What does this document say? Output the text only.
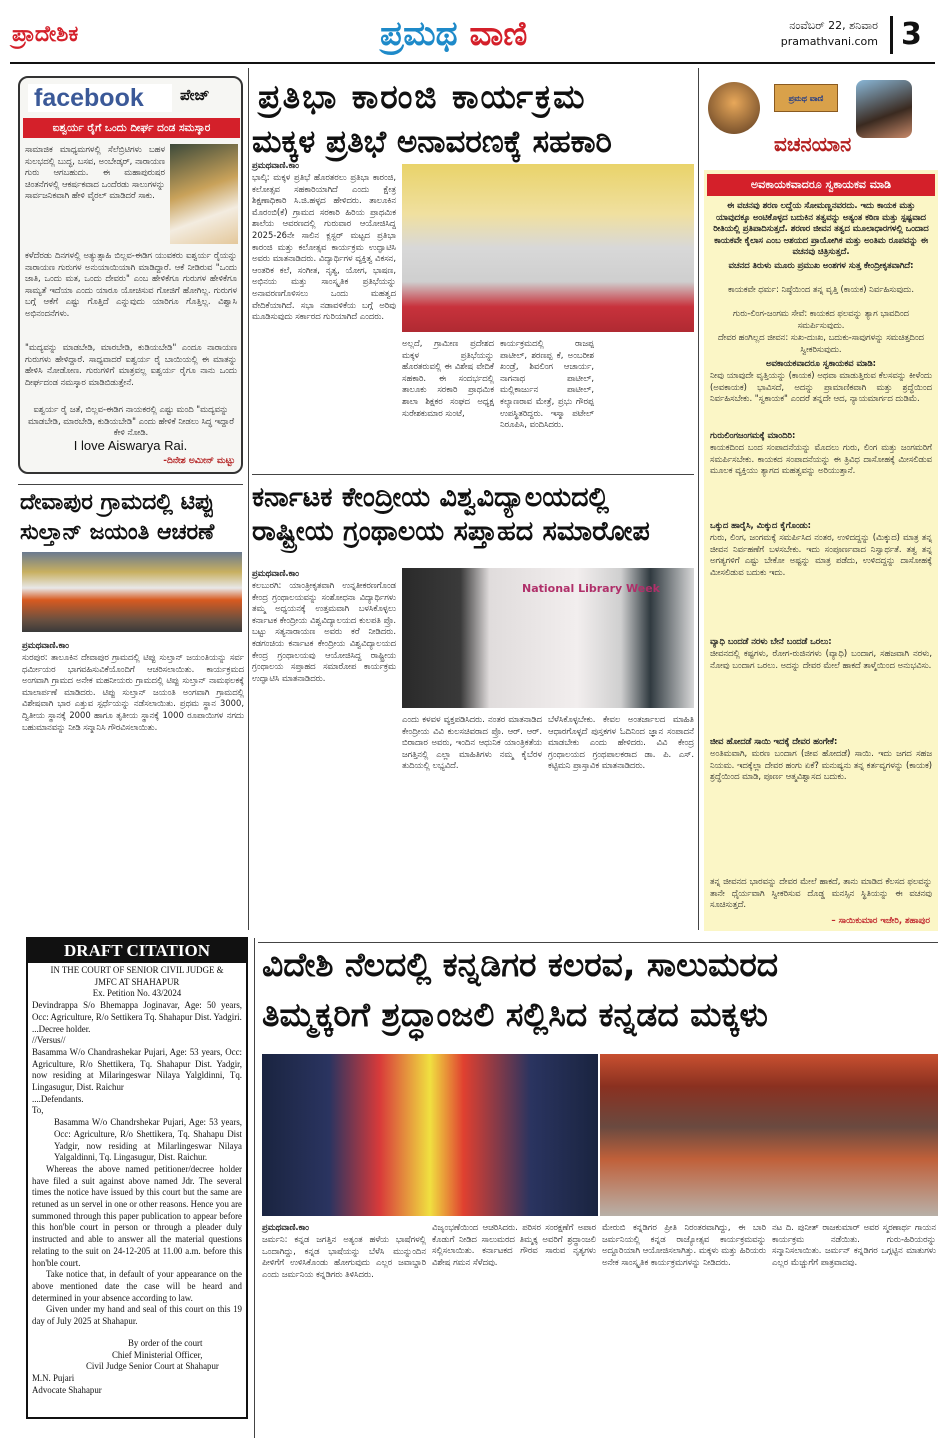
ಪ್ರಾದೇಶಿಕ	ಪ್ರಮಥ ವಾಣಿ	ನಂವೆಬರ್ 22, ಶನಿವಾರ
pramathvani.com 3
facebook	ಪೇಜ್
ಐಶ್ವರ್ಯ ರೈಗೆ ಒಂದು ದೀರ್ಘ ದಂಡ ಸಮಸ್ಕಾರ
ಸಾಮಾಜಿಕ ಮಾಧ್ಯಮಗಳಲ್ಲಿ ಸೆಲೆಬ್ರಿಟಿಗಳು ಬಹಳ ಸುಲಭದಲ್ಲಿ ಬುದ್ಧ, ಬಸವ, ಅಂಬೇಡ್ಕರ್, ನಾರಾಯಣ ಗುರು ಆಗಬಹುದು. ಈ ಮಹಾಪುರುಷರ ಚಿಂತನೆಗಳಲ್ಲಿ ಆಕರ್ಷಕವಾದ ಒಂದೆರಡು ಸಾಲುಗಳನ್ನು ಸಾರ್ವಜನಿಕವಾಗಿ ಹೇಳಿ ವೈರಲ್ ಮಾಡಿದರೆ ಸಾಕು.
ಕಳೆದೆರಡು ದಿನಗಳಲ್ಲಿ ಅತ್ಯುತ್ಸಾಹಿ ಬಿಲ್ಲವ-ಈಡಿಗ ಯುವಕರು ಐಶ್ವರ್ಯ ರೈಯನ್ನು ನಾರಾಯಣ ಗುರುಗಳ ಅನುಯಾಯಿಯಾಗಿ ಮಾಡಿದ್ದಾರೆ. ಆಕೆ ನೀಡಿರುವ "ಒಂದು ಜಾತಿ, ಒಂದು ಮತ, ಒಂದು ದೇವರು" ಎಂಬ ಹೇಳಿಕೆಗೂ ಗುರುಗಳ ಹೇಳಿಕೆಗೂ ಸಾಮ್ಯತೆ ಇದೆಯಾ ಎಂದು ಯಾರೂ ಯೋಚಿಸುವ ಗೋಜಿಗೆ ಹೋಗಿಲ್ಲ. ಗುರುಗಳ ಬಗ್ಗೆ ಆಕೆಗೆ ಎಷ್ಟು ಗೊತ್ತಿದೆ ಎನ್ನುವುದು ಯಾರಿಗೂ ಗೊತ್ತಿಲ್ಲ. ವಿಶ್ವಾಸಿ ಅಭಿನಂದನೆಗಳು.
"ಮದ್ಯವನ್ನು ಮಾಡಬೇಡಿ, ಮಾರಬೇಡಿ, ಕುಡಿಯಬೇಡಿ" ಎಂದೂ ನಾರಾಯಣ ಗುರುಗಳು ಹೇಳಿದ್ದಾರೆ. ಸಾಧ್ಯವಾದರೆ ಐಶ್ವರ್ಯ ರೈ ಬಾಯಿಯಲ್ಲಿ ಈ ಮಾತನ್ನು ಹೇಳಿಸಿ ನೋಡೋಣ. ಗುರುಗಳಿಗೆ ಮಾತ್ರವಲ್ಲ ಐಶ್ವರ್ಯ ರೈಗೂ ನಾನು ಒಂದು ದೀರ್ಘದಂಡ ನಮಸ್ಕಾರ ಮಾಡಿಬಿಡುತ್ತೇನೆ.
ಐಶ್ವರ್ಯ ರೈ ಜತೆ, ಬಿಲ್ಲವ-ಈಡಿಗ ನಾಯಕರಲ್ಲಿ ಎಷ್ಟು ಮಂದಿ "ಮದ್ಯವನ್ನು ಮಾಡಬೇಡಿ, ಮಾರಬೇಡಿ, ಕುಡಿಯಬೇಡಿ" ಎಂದು ಹೇಳಿಕೆ ನೀಡಲು ಸಿದ್ಧ ಇದ್ದಾರೆ ಕೇಳಿ ನೋಡಿ.
I love Aiswarya Rai.
-ದಿನೇಶ ಅಮೀನ್ ಮಟ್ಟು
ಪ್ರತಿಭಾ ಕಾರಂಜಿ ಕಾರ್ಯಕ್ರಮ
ಮಕ್ಕಳ ಪ್ರತಿಭೆ ಅನಾವರಣಕ್ಕೆ ಸಹಕಾರಿ
ಪ್ರಮಥವಾಣಿ.ಕಾಂ
ಭಾಲ್ಕಿ: ಮಕ್ಕಳ ಪ್ರತಿಭೆ ಹೊರತರಲು ಪ್ರತಿಭಾ ಕಾರಂಜಿ, ಕಲೋತ್ಸವ ಸಹಕಾರಿಯಾಗಿದೆ ಎಂದು ಕ್ಷೇತ್ರ ಶಿಕ್ಷಣಾಧಿಕಾರಿ ಸಿ.ಜಿ.ಹಳ್ಳದ ಹೇಳಿದರು. ತಾಲೂಕಿನ ಮೊರಂಬಿ(ಕೆ) ಗ್ರಾಮದ ಸರಕಾರಿ ಹಿರಿಯ ಪ್ರಾಥಮಿಕ ಶಾಲೆಯ ಆವರಣದಲ್ಲಿ ಗುರುವಾರ ಆಯೋಜಿಸಿದ್ದ 2025-26ನೇ ಸಾಲಿನ ಕ್ಲಸ್ಟರ್ ಮಟ್ಟದ ಪ್ರತಿಭಾ ಕಾರಂಜಿ ಮತ್ತು ಕಲೋತ್ಸವ ಕಾರ್ಯಕ್ರಮ ಉದ್ಘಾಟಿಸಿ ಅವರು ಮಾತನಾಡಿದರು. ವಿದ್ಯಾರ್ಥಿಗಳ ವ್ಯಕ್ತಿತ್ವ ವಿಕಸನ, ಆಂತರಿಕ ಕಲೆ, ಸಂಗೀತ, ನೃತ್ಯ, ಯೋಗ, ಭಾಷಣ, ಅಭಿನಯ ಮತ್ತು ಸಾಂಸ್ಕೃತಿಕ ಪ್ರತಿಭೆಯನ್ನು ಅನಾವರಣಗೊಳಿಸಲು ಒಂದು ಮಹತ್ವದ ವೇದಿಕೆಯಾಗಿದೆ. ಸಭಾ ನಡಾವಳಿಕೆಯ ಬಗ್ಗೆ ಅರಿವು ಮೂಡಿಸುವುದು ಸರ್ಕಾರದ ಗುರಿಯಾಗಿದೆ ಎಂದರು.
ಅಲ್ಲದೆ, ಗ್ರಾಮೀಣ ಪ್ರದೇಶದ ಮಕ್ಕಳ ಪ್ರತಿಭೆಯನ್ನು ಹೊರತರುವಲ್ಲಿ ಈ ವಿಶೇಷ ವೇದಿಕೆ ಸಹಕಾರಿ. ಈ ಸಂದರ್ಭದಲ್ಲಿ ತಾಲೂಕು ಸರಕಾರಿ ಪ್ರಾಥಮಿಕ ಶಾಲಾ ಶಿಕ್ಷಕರ ಸಂಘದ ಅಧ್ಯಕ್ಷ ಸುರೇಶಕುಮಾರ ಸುಂಟೆ,
ಕಾರ್ಯಕ್ರಮದಲ್ಲಿ ರಾಜಪ್ಪ ಪಾಟೀಲ್, ಶರಣಪ್ಪ ಕೆ, ಅಂಬರೀಶ ಖಂಡ್ರೆ, ಶಿವಲಿಂಗ ಆಚಾರ್ಯ, ನಾಗನಾಥ ಪಾಟೀಲ್, ಮಲ್ಲಿಕಾರ್ಜುನ ಪಾಟೀಲ್, ಕಲ್ಯಾಣರಾವ ಮೇತ್ರೆ, ಪ್ರಭು ಗೌರಪ್ಪ ಉಪಸ್ಥಿತರಿದ್ದರು. ಇಸ್ಮಾ ಪಟೇಲ್ ನಿರೂಪಿಸಿ, ವಂದಿಸಿದರು.
ಪ್ರಮಥ ವಾಣಿ
ವಚನಯಾನ
ಅವಕಾಯಕವಾದರೂ ಸ್ವಕಾಯಕವ ಮಾಡಿ
ಈ ವಚನವು ಶರಣ ಲದ್ದೆಯ ಸೋಮಣ್ಣನವರದು. ಇದು ಕಾಯಕ ಮತ್ತು ಯಾವುದಕ್ಕೂ ಅಂಟಿಕೊಳ್ಳದ ಬದುಕಿನ ತತ್ವವನ್ನು ಅತ್ಯಂತ ಕಠಿಣ ಮತ್ತು ಸ್ಪಷ್ಟವಾದ ರೀತಿಯಲ್ಲಿ ಪ್ರತಿಪಾದಿಸುತ್ತದೆ. ಶರಣರ ಜೀವನ ತತ್ವದ ಮೂಲಾಧಾರಗಳಲ್ಲಿ ಒಂದಾದ ಕಾಯಕವೇ ಕೈಲಾಸ ಎಂಬ ಆಶಯದ ಪ್ರಾಯೋಗಿಕ ಮತ್ತು ಅಂತಿಮ ರೂಪವನ್ನು ಈ ವಚನವು ಚಿತ್ರಿಸುತ್ತದೆ.
ವಚನದ ತಿರುಳು ಮೂರು ಪ್ರಮುಖ ಅಂಶಗಳ ಸುತ್ತ ಕೇಂದ್ರೀಕೃತವಾಗಿದೆ:
ಕಾಯಕವೇ ಧರ್ಮ: ನಿಷ್ಠೆಯಿಂದ ತನ್ನ ವೃತ್ತಿ (ಕಾಯಕ) ನಿರ್ವಹಿಸುವುದು.
ಗುರು-ಲಿಂಗ-ಜಂಗಮ ಸೇವೆ: ಕಾಯಕದ ಫಲವನ್ನು ತ್ಯಾಗ ಭಾವದಿಂದ ಸಮರ್ಪಿಸುವುದು.
ದೇವರ ಹಂಗಿಲ್ಲದ ಜೀವನ: ಸುಖ-ದುಃಖ, ಬದುಕು-ಸಾವುಗಳನ್ನು ಸಮಚಿತ್ತದಿಂದ ಸ್ವೀಕರಿಸುವುದು.
ಅವಕಾಯಕವಾದರೂ ಸ್ವಕಾಯಕವ ಮಾಡಿ:
ನೀವು ಯಾವುದೇ ವೃತ್ತಿಯನ್ನು (ಕಾಯಕ) ಅಥವಾ ಮಾಡುತ್ತಿರುವ ಕೆಲಸವನ್ನು ಕೀಳೆಂದು (ಅವಕಾಯಕ) ಭಾವಿಸದೆ, ಅದನ್ನು ಪ್ರಾಮಾಣಿಕವಾಗಿ ಮತ್ತು ಶ್ರದ್ಧೆಯಿಂದ ನಿರ್ವಹಿಸಬೇಕು. "ಸ್ವಕಾಯಕ" ಎಂದರೆ ತನ್ನದೇ ಆದ, ನ್ಯಾಯಮಾರ್ಗದ ದುಡಿಮೆ.
ಗುರುಲಿಂಗಜಂಗಮಕ್ಕೆ ಮಾಂದಿರಿ:
ಕಾಯಕದಿಂದ ಬಂದ ಸಂಪಾದನೆಯನ್ನು ಮೊದಲು ಗುರು, ಲಿಂಗ ಮತ್ತು ಜಂಗಮರಿಗೆ ಸಮರ್ಪಿಸಬೇಕು. ಕಾಯಕದ ಸಂಪಾದನೆಯನ್ನು ಈ ತ್ರಿವಿಧ ದಾಸೋಹಕ್ಕೆ ಮೀಸಲಿಡುವ ಮೂಲಕ ವ್ಯಕ್ತಿಯು ತ್ಯಾಗದ ಮಹತ್ವವನ್ನು ಅರಿಯುತ್ತಾನೆ.
ಒಕ್ಕುದ ಹಾರೈಸಿ, ಮಿಕ್ಕುದ ಕೈಗೊಂಡು:
ಗುರು, ಲಿಂಗ, ಜಂಗಮಕ್ಕೆ ಸಮರ್ಪಿಸಿದ ನಂತರ, ಉಳಿದದ್ದನ್ನು (ಮಿಕ್ಕುದ) ಮಾತ್ರ ತನ್ನ ಜೀವನ ನಿರ್ವಹಣೆಗೆ ಬಳಸಬೇಕು. ಇದು ಸಂಪೂರ್ಣವಾದ ನಿಸ್ವಾರ್ಥತೆ. ತತ್ವ ತನ್ನ ಅಗತ್ಯಗಳಿಗೆ ಎಷ್ಟು ಬೇಕೋ ಅಷ್ಟನ್ನು ಮಾತ್ರ ಪಡೆದು, ಉಳಿದದ್ದನ್ನು ದಾಸೋಹಕ್ಕೆ ಮೀಸಲಿಡುವ ಬದುಕು ಇದು.
ವ್ಯಾಧಿ ಬಂದಡೆ ನರಳು ಬೇನೆ ಬಂದಡೆ ಒರಲು:
ಜೀವನದಲ್ಲಿ ಕಷ್ಟಗಳು, ರೋಗ-ರುಜಿನಗಳು (ವ್ಯಾಧಿ) ಬಂದಾಗ, ಸಹಜವಾಗಿ ನರಳು, ನೋವು ಬಂದಾಗ ಒರಲು. ಅದನ್ನು ದೇವರ ಮೇಲೆ ಹಾಕದೆ ತಾಳ್ಮೆಯಿಂದ ಅನುಭವಿಸು.
ಜೀವ ಹೋದಡೆ ಸಾಯಿ ಇದಕ್ಕೆ ದೇವರ ಹಂಗೇಕೆ:
ಅಂತಿಮವಾಗಿ, ಮರಣ ಬಂದಾಗ (ಜೀವ ಹೋದಡೆ) ಸಾಯಿ. ಇದು ಜಗದ ಸಹಜ ನಿಯಮ. ಇದಕ್ಕೆಲ್ಲಾ ದೇವರ ಹಂಗು ಏಕೆ? ಮನುಷ್ಯನು ತನ್ನ ಕರ್ತವ್ಯಗಳನ್ನು (ಕಾಯಕ) ಶ್ರದ್ಧೆಯಿಂದ ಮಾಡಿ, ಪೂರ್ಣ ಆತ್ಮವಿಶ್ವಾಸದ ಬದುಕು.
ತನ್ನ ಜೀವನದ ಭಾರವನ್ನು ದೇವರ ಮೇಲೆ ಹಾಕದೆ, ತಾನು ಮಾಡಿದ ಕೆಲಸದ ಫಲವನ್ನು ತಾನೇ ಧೈರ್ಯವಾಗಿ ಸ್ವೀಕರಿಸುವ ದೊಡ್ಡ ಮನಸ್ಸಿನ ಸ್ಥಿತಿಯನ್ನು ಈ ವಚನವು ಸೂಚಿಸುತ್ತದೆ.
– ಸಾಯಿಕುಮಾರ ಇಜೇರಿ, ಶಹಾಪುರ
ದೇವಾಪುರ ಗ್ರಾಮದಲ್ಲಿ ಟಿಪ್ಪು ಸುಲ್ತಾನ್ ಜಯಂತಿ ಆಚರಣೆ
ಪ್ರಮಥವಾಣಿ.ಕಾಂ
ಸುರಪುರ: ತಾಲೂಕಿನ ದೇವಾಪುರ ಗ್ರಾಮದಲ್ಲಿ ಟಿಪ್ಪು ಸುಲ್ತಾನ್ ಜಯಂತಿಯನ್ನು ಸರ್ವ ಧರ್ಮೀಯರ ಭಾಗವಹಿಸುವಿಕೆಯೊಂದಿಗೆ ಆಚರಿಸಲಾಯಿತು. ಕಾರ್ಯಕ್ರಮದ ಅಂಗವಾಗಿ ಗ್ರಾಮದ ಅನೇಕ ಮಹನೀಯರು ಗ್ರಾಮದಲ್ಲಿ ಟಿಪ್ಪು ಸುಲ್ತಾನ್ ನಾಮಫಲಕಕ್ಕೆ ಮಾಲಾರ್ಪಣೆ ಮಾಡಿದರು. ಟಿಪ್ಪು ಸುಲ್ತಾನ್ ಜಯಂತಿ ಅಂಗವಾಗಿ ಗ್ರಾಮದಲ್ಲಿ ವಿಶೇಷವಾಗಿ ಭಾರ ಎತ್ತುವ ಸ್ಪರ್ಧೆಯನ್ನು ನಡೆಸಲಾಯಿತು. ಪ್ರಥಮ ಸ್ಥಾನ 3000, ದ್ವಿತೀಯ ಸ್ಥಾನಕ್ಕೆ 2000 ಹಾಗೂ ತೃತೀಯ ಸ್ಥಾನಕ್ಕೆ 1000 ರೂಪಾಯಿಗಳ ನಗದು ಬಹುಮಾನವನ್ನು ನೀಡಿ ಸನ್ಮಾನಿಸಿ ಗೌರವಿಸಲಾಯಿತು.
ಕರ್ನಾಟಕ ಕೇಂದ್ರೀಯ ವಿಶ್ವವಿದ್ಯಾಲಯದಲ್ಲಿ
ರಾಷ್ಟ್ರೀಯ ಗ್ರಂಥಾಲಯ ಸಪ್ತಾಹದ ಸಮಾರೋಪ
ಪ್ರಮಥವಾಣಿ.ಕಾಂ
ಕಲಬುರಗಿ: ಯಾಂತ್ರೀಕೃತವಾಗಿ ಉನ್ನತೀಕರಣಗೊಂಡ ಕೇಂದ್ರ ಗ್ರಂಥಾಲಯವನ್ನು ಸಂಶೋಧನಾ ವಿದ್ಯಾರ್ಥಿಗಳು ತಮ್ಮ ಅಧ್ಯಯನಕ್ಕೆ ಉತ್ತಮವಾಗಿ ಬಳಸಿಕೊಳ್ಳಲು ಕರ್ನಾಟಕ ಕೇಂದ್ರೀಯ ವಿಶ್ವವಿದ್ಯಾಲಯದ ಕುಲಪತಿ ಪ್ರೊ. ಬಟ್ಟು ಸತ್ಯನಾರಾಯಣ ಅವರು ಕರೆ ನೀಡಿದರು. ಕಡಗಂಚಿಯ ಕರ್ನಾಟಕ ಕೇಂದ್ರೀಯ ವಿಶ್ವವಿದ್ಯಾಲಯದ ಕೇಂದ್ರ ಗ್ರಂಥಾಲಯವು ಆಯೋಜಿಸಿದ್ದ ರಾಷ್ಟ್ರೀಯ ಗ್ರಂಥಾಲಯ ಸಪ್ತಾಹದ ಸಮಾರೋಪ ಕಾರ್ಯಕ್ರಮ ಉದ್ಘಾಟಿಸಿ ಮಾತನಾಡಿದರು.
National Library Week
ಎಂದು ಕಳವಳ ವ್ಯಕ್ತಪಡಿಸಿದರು. ನಂತರ ಮಾತನಾಡಿದ ಕೇಂದ್ರೀಯ ವಿವಿ ಕುಲಸಚಿವರಾದ ಪ್ರೊ. ಆರ್. ಆರ್. ಬಿರಾದಾರ ಅವರು, ಇಂದಿನ ಆಧುನಿಕ ಯಾಂತ್ರಿಕತೆಯ ಜಗತ್ತಿನಲ್ಲಿ ಎಲ್ಲಾ ಮಾಹಿತಿಗಳು ನಮ್ಮ ಕೈಬೆರಳ ತುದಿಯಲ್ಲಿ ಲಭ್ಯವಿದೆ.
ಬೆಳೆಸಿಕೊಳ್ಳಬೇಕು. ಕೇವಲ ಅಂತರ್ಜಾಲದ ಮಾಹಿತಿ ಆಧಾರಗೊಳ್ಳದೆ ಪುಸ್ತಕಗಳ ಓದಿನಿಂದ ಜ್ಞಾನ ಸಂಪಾದನೆ ಮಾಡಬೇಕು ಎಂದು ಹೇಳಿದರು. ವಿವಿ ಕೇಂದ್ರ ಗ್ರಂಥಾಲಯದ ಗ್ರಂಥಪಾಲಕರಾದ ಡಾ. ಪಿ. ಎಸ್. ಕಟ್ಟಿಮನಿ ಪ್ರಾಸ್ತಾವಿಕ ಮಾತನಾಡಿದರು.
DRAFT CITATION

IN THE COURT OF SENIOR CIVIL JUDGE &

JMFC AT SHAHAPUR

Ex. Petition No. 43/2024

Devindrappa S/o Bhemappa Joginavar, Age: 50 years, Occ: Agriculture, R/o Settikera Tq. Shahapur Dist. Yadgiri.

...Decree holder.

//Versus//

Basamma W/o Chandrashekar Pujari, Age: 53 years, Occ: Agriculture, R/o Shettikera, Tq. Shahapur Dist. Yadgir, now residing at Milaringeswar Nilaya Yalgldinni, Tq. Lingasugur, Dist. Raichur

....Defendants.

To,

Basamma W/o Chandrshekar Pujari, Age: 53 years, Occ: Agriculture, R/o Shettikera, Tq. Shahapu Dist Yadgir, now residing at Milarlingeswar Nilaya Yalgaldinni, Tq. Lingasugur, Dist. Raichur.

Whereas the above named petitioner/decree holder have filed a suit against above named Jdr. The several times the notice have issued by this court but the same are retuned as un servel in one or other reasons. Hence you are summoned through this paper publication to appear before this hon'ble court in person or through a pleader duly instructed and able to answer all the material questions relating to the suit on 24-12-205 at 11.00 a.m. before this hon'ble court.

Take notice that, in default of your appearance on the above mentioned date the case will be heard and determined in your absence according to law.

Given under my hand and seal of this court on this 19 day of July 2025 at Shahapur.

By order of the court

Chief Ministerial Officer,

Civil Judge Senior Court at Shahapur

M.N. Pujari

Advocate Shahapur

ವಿದೇಶಿ ನೆಲದಲ್ಲಿ ಕನ್ನಡಿಗರ ಕಲರವ, ಸಾಲುಮರದ
ತಿಮ್ಮಕ್ಕರಿಗೆ ಶ್ರದ್ಧಾಂಜಲಿ ಸಲ್ಲಿಸಿದ ಕನ್ನಡದ ಮಕ್ಕಳು
ಪ್ರಮಥವಾಣಿ.ಕಾಂ
ಜರ್ಮನಿ: ಕನ್ನಡ ಜಗತ್ತಿನ ಅತ್ಯಂತ ಹಳೆಯ ಭಾಷೆಗಳಲ್ಲಿ ಒಂದಾಗಿದ್ದು, ಕನ್ನಡ ಭಾಷೆಯನ್ನು ಬೆಳೆಸಿ ಮುನ್ನುಂದಿನ ಪೀಳಿಗೆಗೆ ಉಳಿಸಿಕೊಂಡು ಹೋಗುವುದು ಎಲ್ಲರ ಜವಾಬ್ದಾರಿ ಎಂದು ಜರ್ಮನಿಯ ಕನ್ನಡಿಗರು ತಿಳಿಸಿದರು.
ವಿಜೃಂಭಣೆಯಿಂದ ಆಚರಿಸಿದರು. ಪರಿಸರ ಸಂರಕ್ಷಣೆಗೆ ಅಪಾರ ಕೊಡುಗೆ ನೀಡಿದ ಸಾಲುಮರದ ತಿಮ್ಮಕ್ಕ ಅವರಿಗೆ ಶ್ರದ್ಧಾಂಜಲಿ ಸಲ್ಲಿಸಲಾಯಿತು. ಕರ್ನಾಟಕದ ಗೌರವ ಸಾರುವ ನೃತ್ಯಗಳು ವಿಶೇಷ ಗಮನ ಸೆಳೆದವು.
ಮೇರುಬಿ ಕನ್ನಡಿಗರ ಪ್ರೀತಿ ನಿರಂತರವಾಗಿದ್ದು, ಈ ಬಾರಿ ಜರ್ಮನಿಯಲ್ಲಿ ಕನ್ನಡ ರಾಜ್ಯೋತ್ಸವ ಕಾರ್ಯಕ್ರಮವನ್ನು ಅದ್ದೂರಿಯಾಗಿ ಆಯೋಜಿಸಲಾಗಿತ್ತು. ಮಕ್ಕಳು ಮತ್ತು ಹಿರಿಯರು ಅನೇಕ ಸಾಂಸ್ಕೃತಿಕ ಕಾರ್ಯಕ್ರಮಗಳನ್ನು ನೀಡಿದರು.
ನಟ ದಿ. ಪುನೀತ್ ರಾಜಕುಮಾರ್ ಅವರ ಸ್ಮರಣಾರ್ಥ ಗಾಯನ ಕಾರ್ಯಕ್ರಮ ನಡೆಯಿತು. ಗುರು-ಹಿರಿಯರನ್ನು ಸನ್ಮಾನಿಸಲಾಯಿತು. ಜರ್ಮನ್ ಕನ್ನಡಿಗರ ಒಗ್ಗಟ್ಟಿನ ಮಾತುಗಳು ಎಲ್ಲರ ಮೆಚ್ಚುಗೆಗೆ ಪಾತ್ರವಾದವು.
